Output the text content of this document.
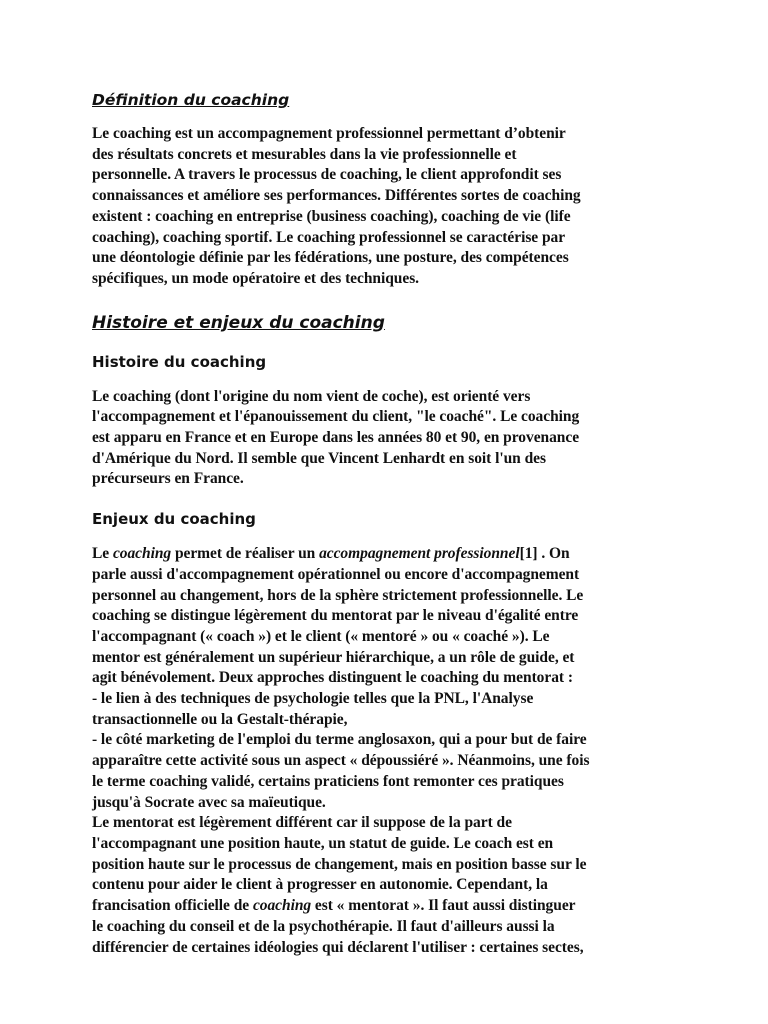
Définition du coaching

Le coaching est un accompagnement professionnel permettant d’obtenir
des résultats concrets et mesurables dans la vie professionnelle et
personnelle. A travers le processus de coaching, le client approfondit ses
connaissances et améliore ses performances. Différentes sortes de coaching
existent : coaching en entreprise (business coaching), coaching de vie (life
coaching), coaching sportif. Le coaching professionnel se caractérise par
une déontologie définie par les fédérations, une posture, des compétences
spécifiques, un mode opératoire et des techniques.

Histoire et enjeux du coaching
Histoire du coaching

Le coaching (dont l'origine du nom vient de coche), est orienté vers
l'accompagnement et l'épanouissement du client, "le coaché". Le coaching
est apparu en France et en Europe dans les années 80 et 90, en provenance
d'Amérique du Nord. Il semble que Vincent Lenhardt en soit l'un des
précurseurs en France.

Enjeux du coaching

Le coaching permet de réaliser un accompagnement professionnel[1] . On
parle aussi d'accompagnement opérationnel ou encore d'accompagnement
personnel au changement, hors de la sphère strictement professionnelle. Le
coaching se distingue légèrement du mentorat par le niveau d'égalité entre
l'accompagnant (« coach ») et le client (« mentoré » ou « coaché »). Le
mentor est généralement un supérieur hiérarchique, a un rôle de guide, et
agit bénévolement. Deux approches distinguent le coaching du mentorat :
- le lien à des techniques de psychologie telles que la PNL, l'Analyse
transactionnelle ou la Gestalt-thérapie,
- le côté marketing de l'emploi du terme anglosaxon, qui a pour but de faire
apparaître cette activité sous un aspect « dépoussiéré ». Néanmoins, une fois
le terme coaching validé, certains praticiens font remonter ces pratiques
jusqu'à Socrate avec sa maïeutique.
Le mentorat est légèrement différent car il suppose de la part de
l'accompagnant une position haute, un statut de guide. Le coach est en
position haute sur le processus de changement, mais en position basse sur le
contenu pour aider le client à progresser en autonomie. Cependant, la
francisation officielle de coaching est « mentorat ». Il faut aussi distinguer
le coaching du conseil et de la psychothérapie. Il faut d'ailleurs aussi la
différencier de certaines idéologies qui déclarent l'utiliser : certaines sectes,
